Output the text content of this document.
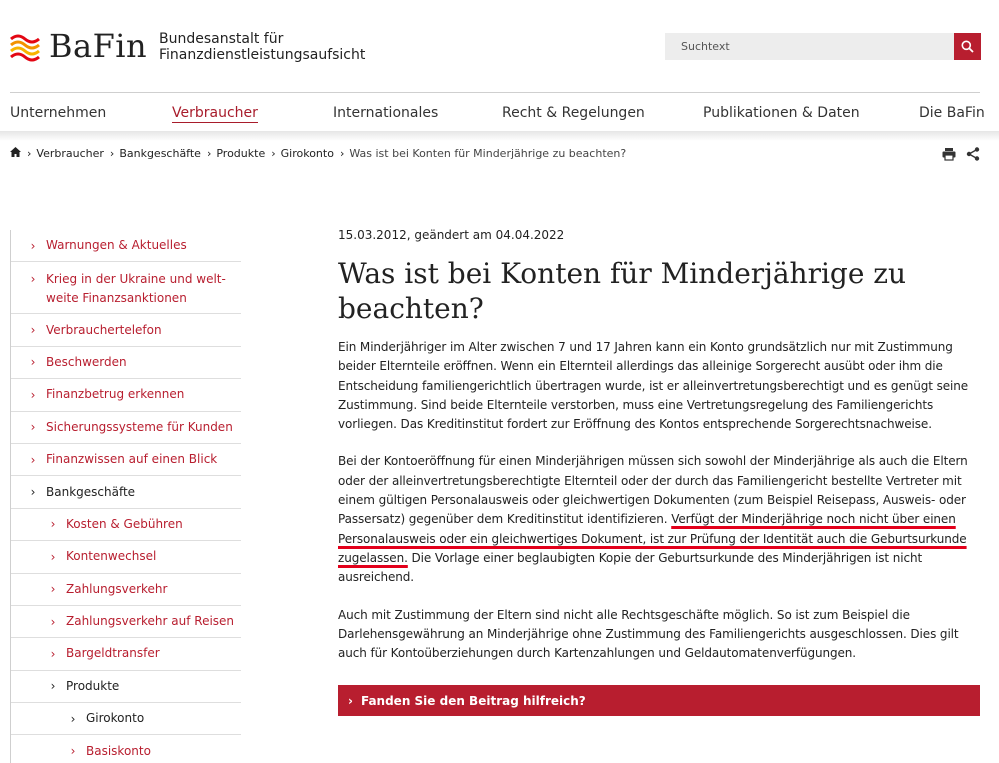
BaFin Bundesanstalt für
Finanzdienstleistungsaufsicht
Suchtext
Unternehmen	Verbraucher	Internationales	Recht & Regelungen	Publikationen & Daten	Die BaFin
› Verbraucher › Bankgeschäfte › Produkte › Girokonto › Was ist bei Konten für Minderjährige zu beachten?
› Warnungen & Aktuelles
› Krieg in der Ukraine und welt-
weite Finanzsanktionen
› Verbrauchertelefon
› Beschwerden
› Finanzbetrug erkennen
› Sicherungssysteme für Kunden
› Finanzwissen auf einen Blick
› Bankgeschäfte
› Kosten & Gebühren
› Kontenwechsel
› Zahlungsverkehr
› Zahlungsverkehr auf Reisen
› Bargeldtransfer
› Produkte
› Girokonto
› Basiskonto
15.03.2012, geändert am 04.04.2022
Was ist bei Konten für Minderjährige zu beachten?

Ein Minderjähriger im Alter zwischen 7 und 17 Jahren kann ein Konto grundsätzlich nur mit Zustimmung beider Elternteile eröffnen. Wenn ein Elternteil allerdings das alleinige Sorgerecht ausübt oder ihm die Entscheidung familiengerichtlich übertragen wurde, ist er alleinvertretungsberechtigt und es genügt seine Zustimmung. Sind beide Elternteile verstorben, muss eine Vertretungsregelung des Familiengerichts vorliegen. Das Kreditinstitut fordert zur Eröffnung des Kontos entsprechende Sorgerechtsnachweise.

Bei der Kontoeröffnung für einen Minderjährigen müssen sich sowohl der Minderjährige als auch die Eltern oder der alleinvertretungsberechtigte Elternteil oder der durch das Familiengericht bestellte Vertreter mit einem gültigen Personalausweis oder gleichwertigen Dokumenten (zum Beispiel Reisepass, Ausweis- oder Passersatz) gegenüber dem Kreditinstitut identifizieren. Verfügt der Minderjährige noch nicht über einen Personalausweis oder ein gleichwertiges Dokument, ist zur Prüfung der Identität auch die Geburtsurkunde zugelassen. Die Vorlage einer beglaubigten Kopie der Geburtsurkunde des Minderjährigen ist nicht ausreichend.

Auch mit Zustimmung der Eltern sind nicht alle Rechtsgeschäfte möglich. So ist zum Beispiel die Darlehensgewährung an Minderjährige ohne Zustimmung des Familiengerichts ausgeschlossen. Dies gilt auch für Kontoüberziehungen durch Kartenzahlungen und Geldautomatenverfügungen.

› Fanden Sie den Beitrag hilfreich?
